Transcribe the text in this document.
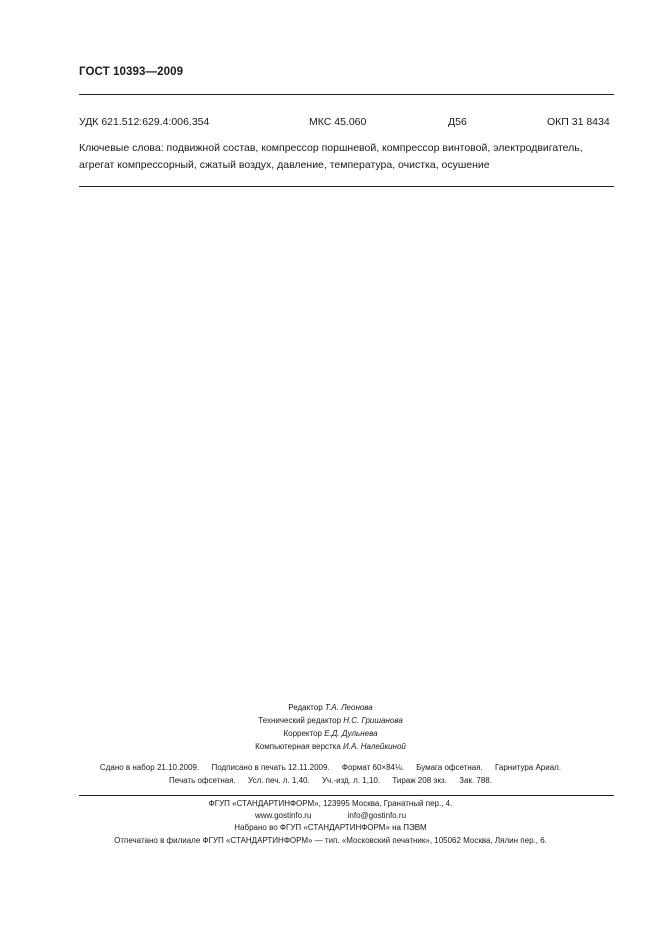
ГОСТ 10393—2009
УДК 621.512:629.4:006.354	МКС 45.060	Д56	ОКП 31 8434
Ключевые слова: подвижной состав, компрессор поршневой, компрессор винтовой, электродвигатель,
агрегат компрессорный, сжатый воздух, давление, температура, очистка, осушение
Редактор Т.А. Леонова
Технический редактор Н.С. Гришанова
Корректор Е.Д. Дульнева
Компьютерная верстка И.А. Налейкиной
Сдано в набор 21.10.2009. Подписано в печать 12.11.2009. Формат 60×84⅛. Бумага офсетная. Гарнитура Ариал.
Печать офсетная. Усл. печ. л. 1,40. Уч.-изд. л. 1,10. Тираж 208 экз. Зак. 788.
ФГУП «СТАНДАРТИНФОРМ», 123995 Москва, Гранатный пер., 4.
www.gostinfo.ru	info@gostinfo.ru
Набрано во ФГУП «СТАНДАРТИНФОРМ» на ПЭВМ
Отпечатано в филиале ФГУП «СТАНДАРТИНФОРМ» — тип. «Московский печатник», 105062 Москва, Лялин пер., 6.
